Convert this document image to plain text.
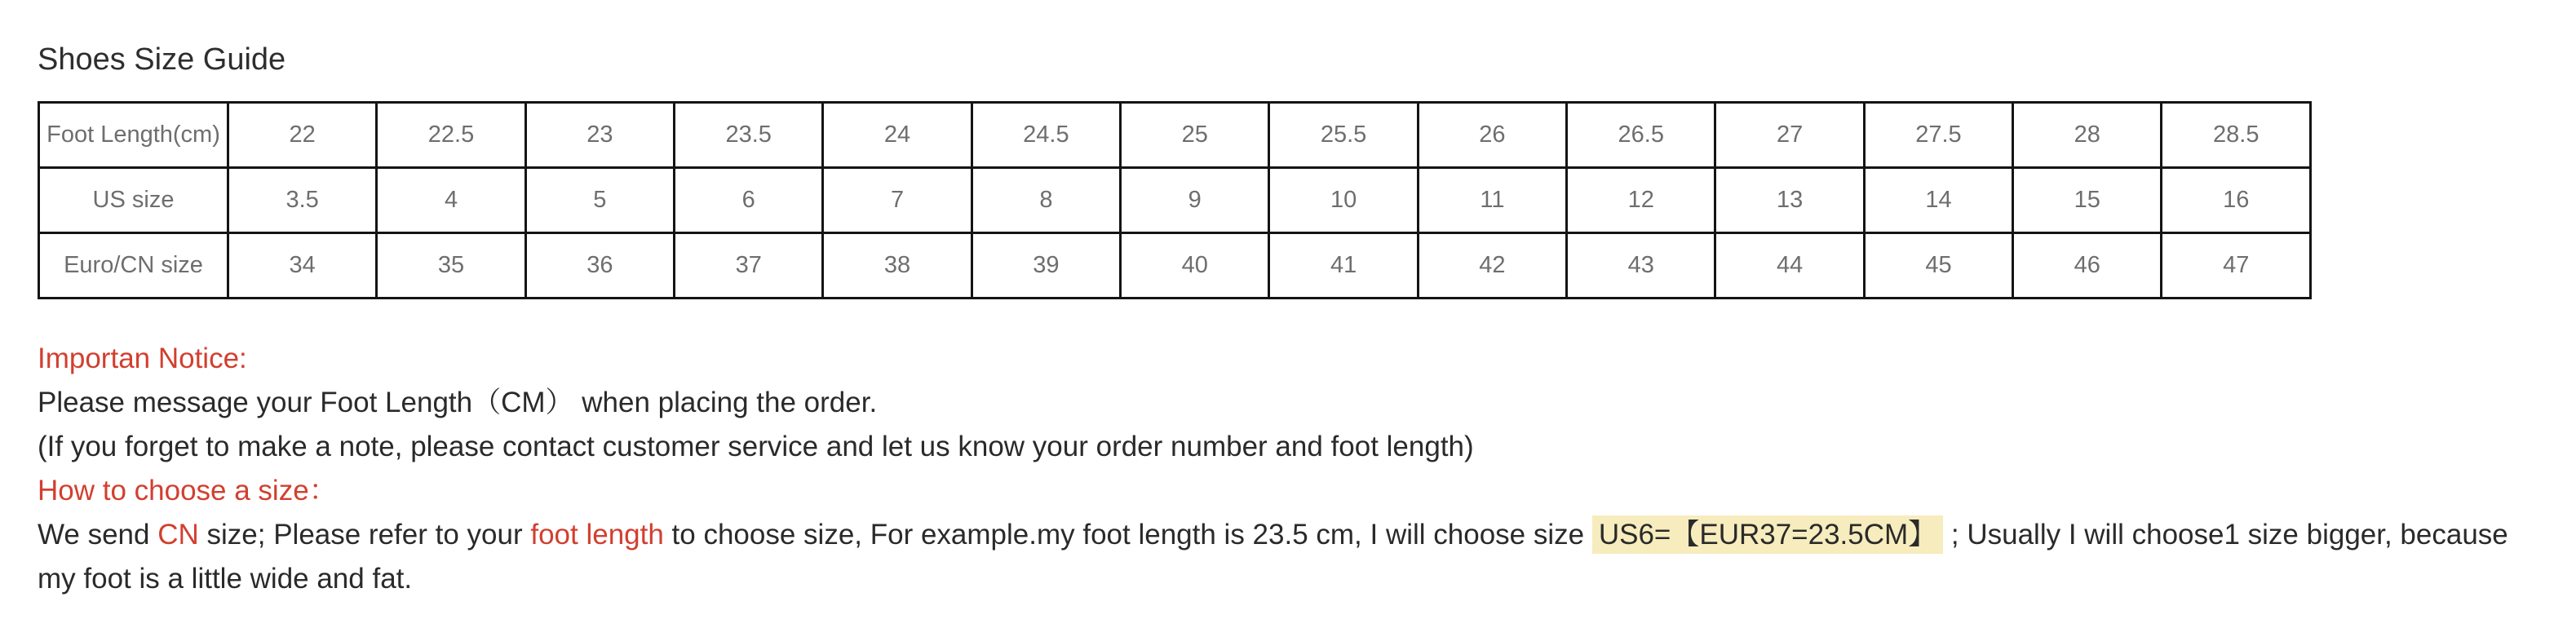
Shoes Size Guide
Foot Length(cm)	22	22.5	23	23.5	24	24.5	25	25.5	26	26.5	27	27.5	28	28.5
US size	3.5	4	5	6	7	8	9	10	11	12	13	14	15	16
Euro/CN size	34	35	36	37	38	39	40	41	42	43	44	45	46	47

Importan Notice:

Please message your Foot Length（CM） when placing the order.

(If you forget to make a note, please contact customer service and let us know your order number and foot length)

How to choose a size：

We send CN size; Please refer to your foot length to choose size, For example.my foot length is 23.5 cm, I will choose size US6=【EUR37=23.5CM】 ; Usually I will choose1 size bigger, because
my foot is a little wide and fat.
